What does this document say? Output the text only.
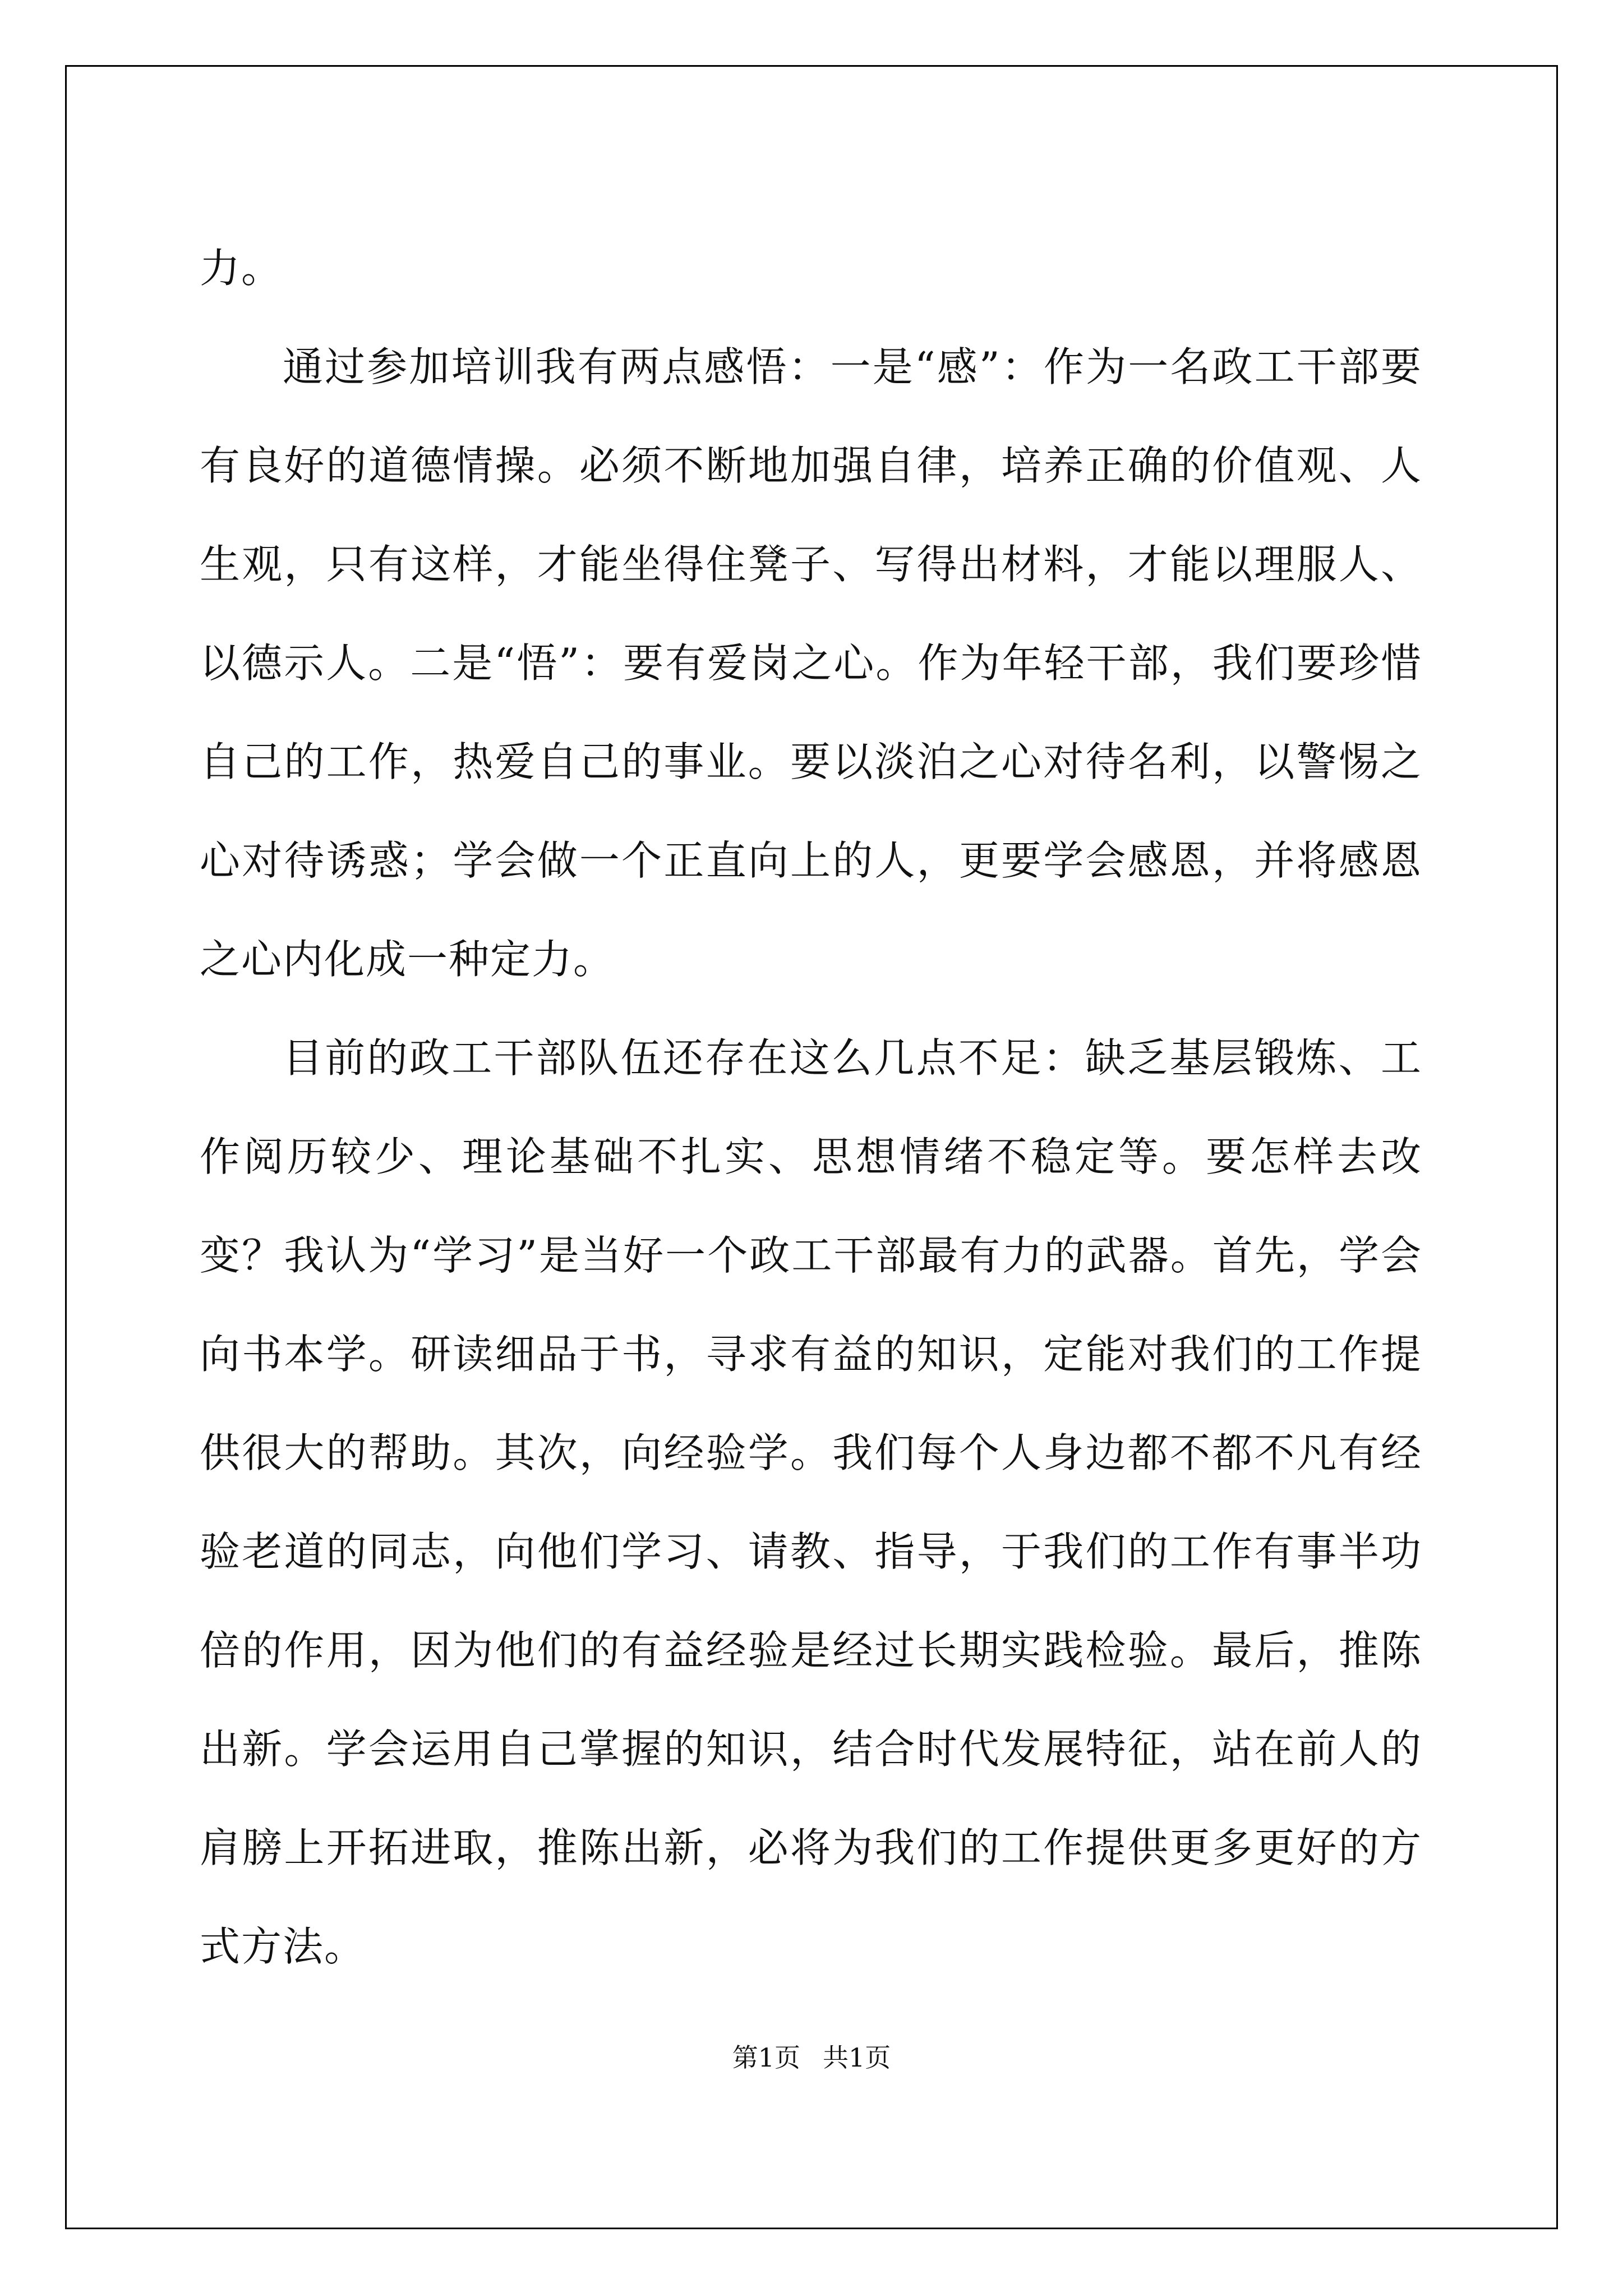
力。

通过参加培训我有两点感悟：一是“感”：作为一名政工干部要有良好的道德情操。必须不断地加强自律，培养正确的价值观、人生观，只有这样，才能坐得住凳子、写得出材料，才能以理服人、以德示人。二是“悟”：要有爱岗之心。作为年轻干部，我们要珍惜自己的工作，热爱自己的事业。要以淡泊之心对待名利，以警惕之心对待诱惑；学会做一个正直向上的人，更要学会感恩，并将感恩之心内化成一种定力。

目前的政工干部队伍还存在这么几点不足：缺乏基层锻炼、工作阅历较少、理论基础不扎实、思想情绪不稳定等。要怎样去改变？我认为“学习”是当好一个政工干部最有力的武器。首先，学会向书本学。研读细品于书，寻求有益的知识，定能对我们的工作提供很大的帮助。其次，向经验学。我们每个人身边都不都不凡有经验老道的同志，向他们学习、请教、指导，于我们的工作有事半功倍的作用，因为他们的有益经验是经过长期实践检验。最后，推陈出新。学会运用自己掌握的知识，结合时代发展特征，站在前人的肩膀上开拓进取，推陈出新，必将为我们的工作提供更多更好的方式方法。

第1页 共1页
